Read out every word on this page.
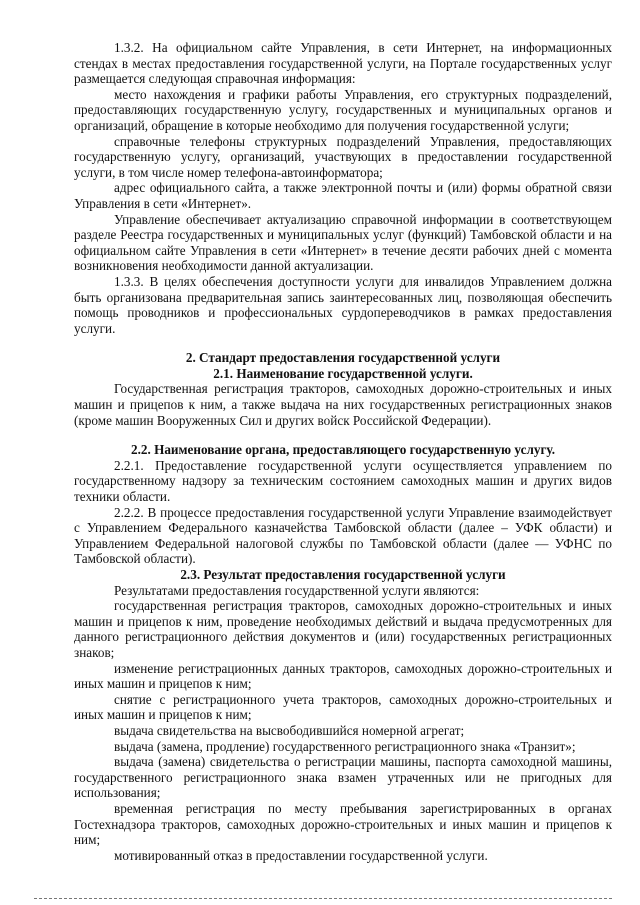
1.3.2. На официальном сайте Управления, в сети Интернет, на информационных стендах в местах предоставления государственной услуги, на Портале государственных услуг размещается следующая справочная информация:

место нахождения и графики работы Управления, его структурных подразделений, предоставляющих государственную услугу, государственных и муниципальных органов и организаций, обращение в которые необходимо для получения государственной услуги;

справочные телефоны структурных подразделений Управления, предоставляющих государственную услугу, организаций, участвующих в предоставлении государственной услуги, в том числе номер телефона-автоинформатора;

адрес официального сайта, а также электронной почты и (или) формы обратной связи Управления в сети «Интернет».

Управление обеспечивает актуализацию справочной информации в соответствующем разделе Реестра государственных и муниципальных услуг (функций) Тамбовской области и на официальном сайте Управления в сети «Интернет» в течение десяти рабочих дней с момента возникновения необходимости данной актуализации.

1.3.3. В целях обеспечения доступности услуги для инвалидов Управлением должна быть организована предварительная запись заинтересованных лиц, позволяющая обеспечить помощь проводников и профессиональных сурдопереводчиков в рамках предоставления услуги.

2. Стандарт предоставления государственной услуги

2.1. Наименование государственной услуги.

Государственная регистрация тракторов, самоходных дорожно-строительных и иных машин и прицепов к ним, а также выдача на них государственных регистрационных знаков (кроме машин Вооруженных Сил и других войск Российской Федерации).

2.2. Наименование органа, предоставляющего государственную услугу.

2.2.1. Предоставление государственной услуги осуществляется управлением по государственному надзору за техническим состоянием самоходных машин и других видов техники области.

2.2.2. В процессе предоставления государственной услуги Управление взаимодействует с Управлением Федерального казначейства Тамбовской области (далее – УФК области) и Управлением Федеральной налоговой службы по Тамбовской области (далее — УФНС по Тамбовской области).

2.3. Результат предоставления государственной услуги

Результатами предоставления государственной услуги являются:

государственная регистрация тракторов, самоходных дорожно-строительных и иных машин и прицепов к ним, проведение необходимых действий и выдача предусмотренных для данного регистрационного действия документов и (или) государственных регистрационных знаков;

изменение регистрационных данных тракторов, самоходных дорожно-строительных и иных машин и прицепов к ним;

снятие с регистрационного учета тракторов, самоходных дорожно-строительных и иных машин и прицепов к ним;

выдача свидетельства на высвободившийся номерной агрегат;

выдача (замена, продление) государственного регистрационного знака «Транзит»;

выдача (замена) свидетельства о регистрации машины, паспорта самоходной машины, государственного регистрационного знака взамен утраченных или не пригодных для использования;

временная регистрация по месту пребывания зарегистрированных в органах Гостехнадзора тракторов, самоходных дорожно-строительных и иных машин и прицепов к ним;

мотивированный отказ в предоставлении государственной услуги.
